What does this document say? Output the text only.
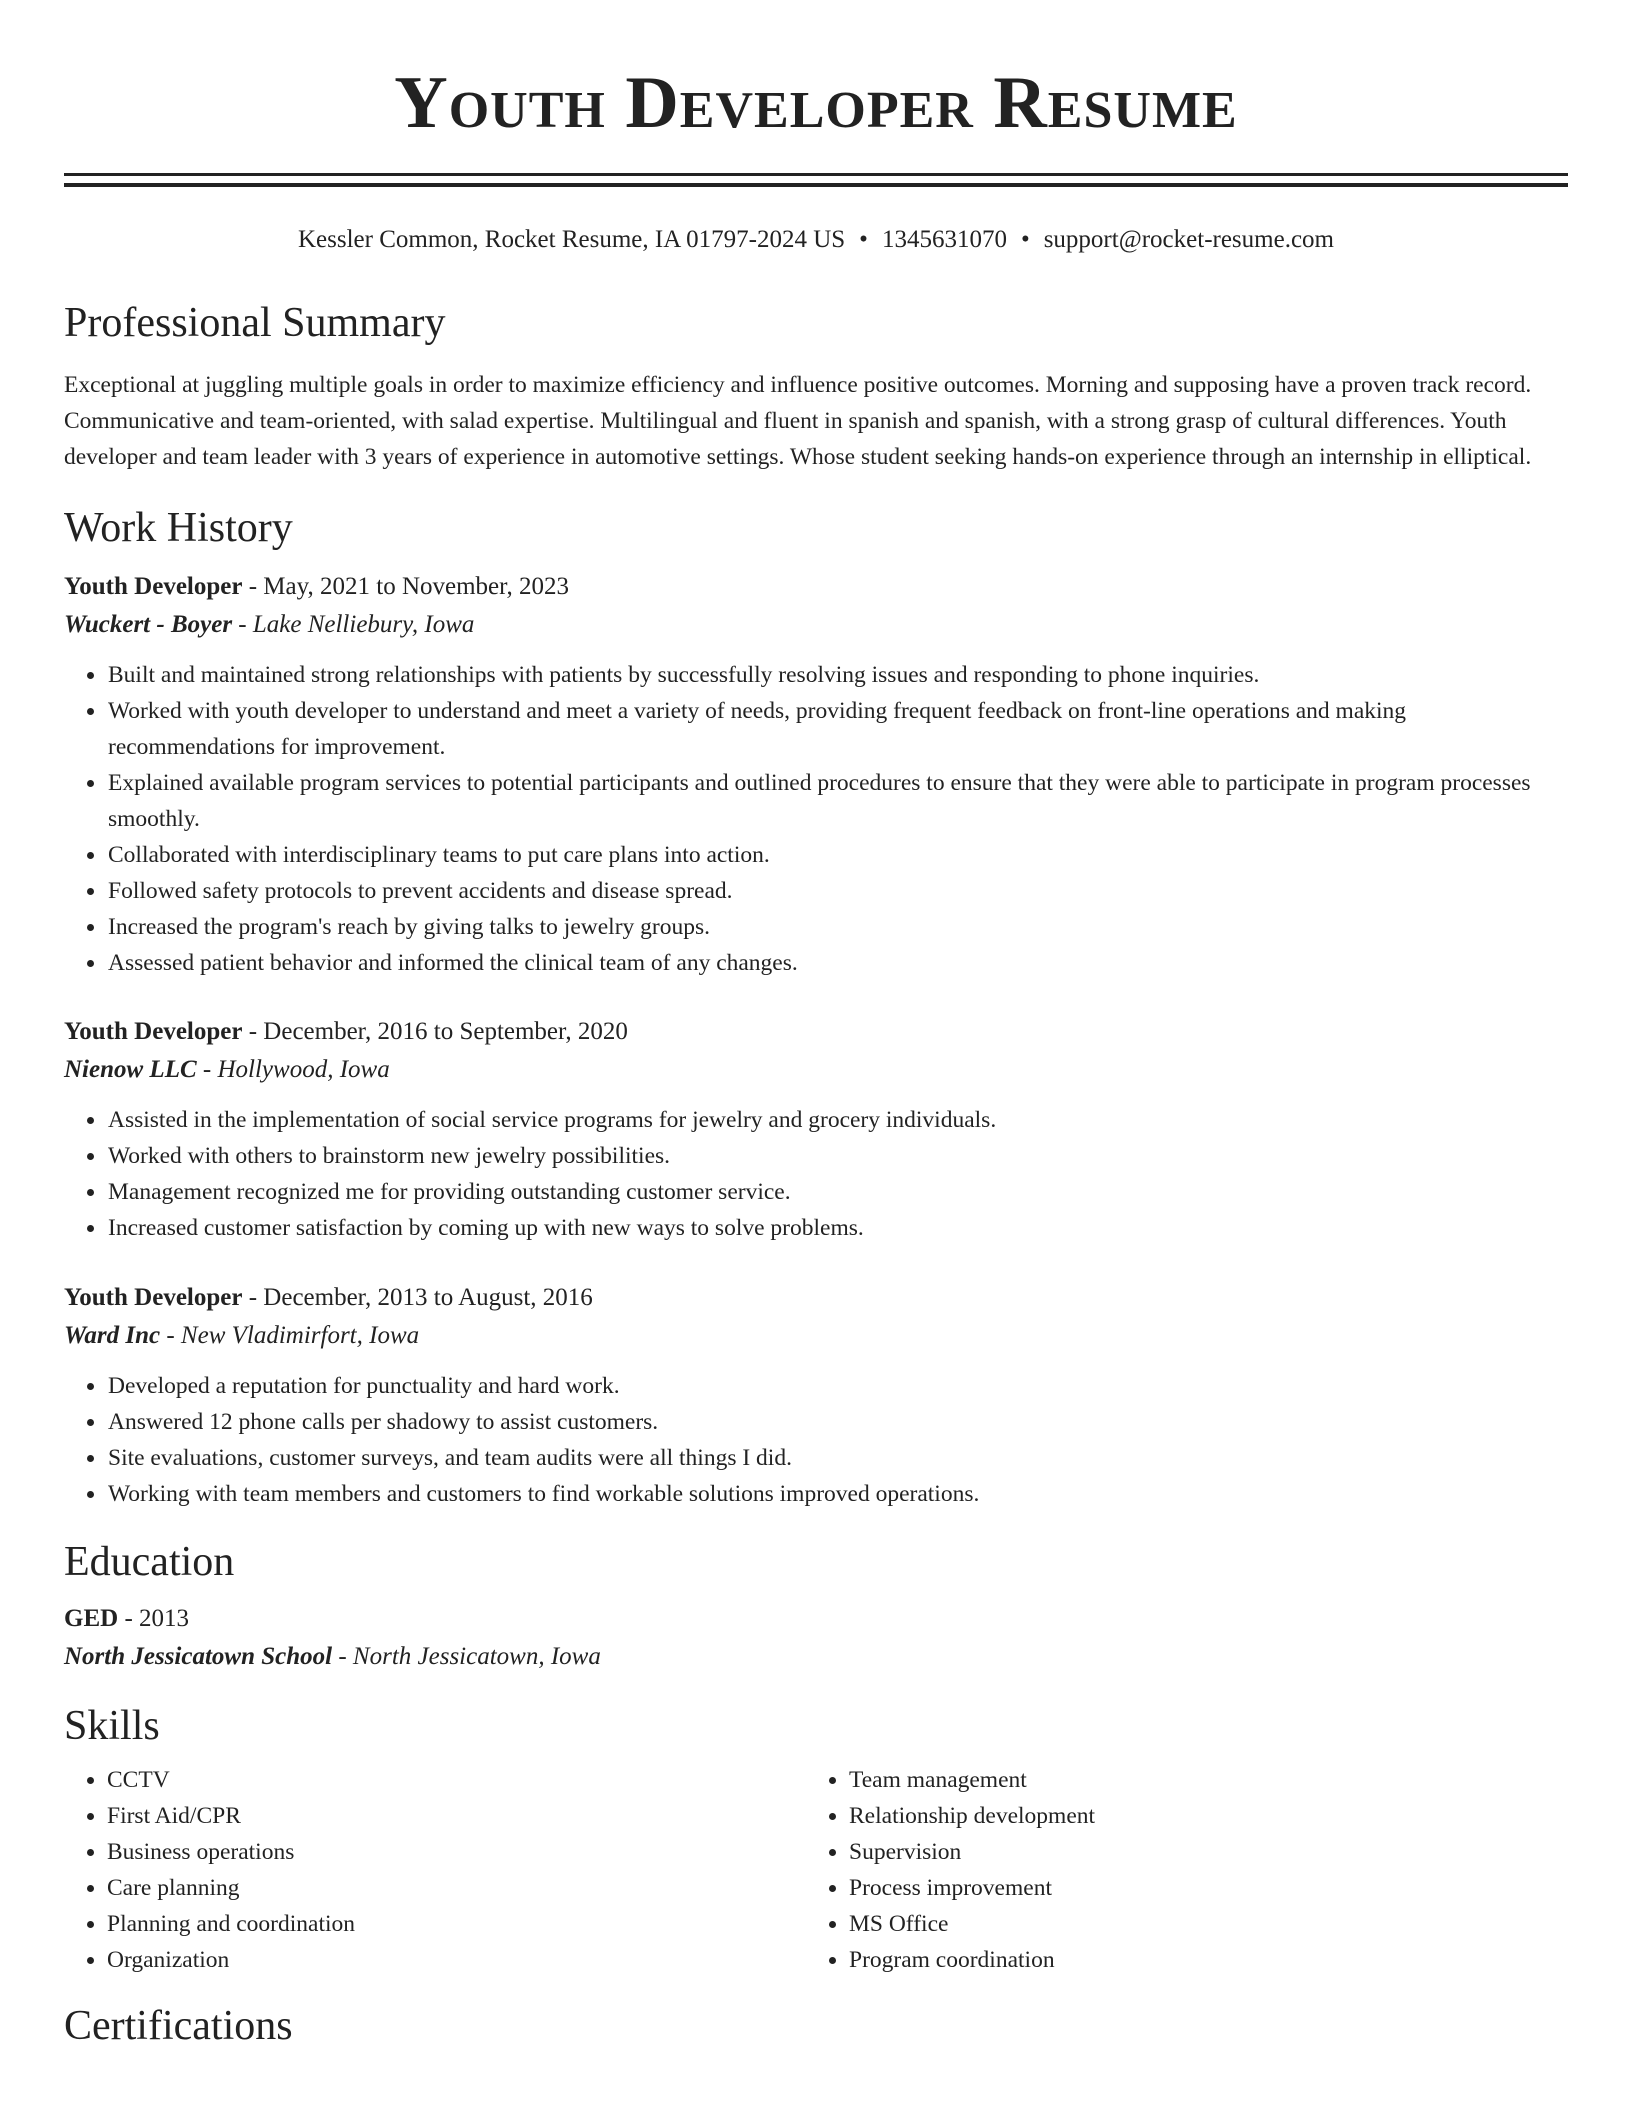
Youth Developer Resume
Kessler Common, Rocket Resume, IA 01797-2024 US • 1345631070 • support@rocket-resume.com
Professional Summary

Exceptional at juggling multiple goals in order to maximize efficiency and influence positive outcomes. Morning and supposing have a proven track record. Communicative and team-oriented, with salad expertise. Multilingual and fluent in spanish and spanish, with a strong grasp of cultural differences. Youth developer and team leader with 3 years of experience in automotive settings. Whose student seeking hands-on experience through an internship in elliptical.

Work History
Youth Developer - May, 2021 to November, 2023
Wuckert - Boyer - Lake Nelliebury, Iowa
• Built and maintained strong relationships with patients by successfully resolving issues and responding to phone inquiries.
• Worked with youth developer to understand and meet a variety of needs, providing frequent feedback on front-line operations and making recommendations for improvement.
• Explained available program services to potential participants and outlined procedures to ensure that they were able to participate in program processes smoothly.
• Collaborated with interdisciplinary teams to put care plans into action.
• Followed safety protocols to prevent accidents and disease spread.
• Increased the program's reach by giving talks to jewelry groups.
• Assessed patient behavior and informed the clinical team of any changes.
Youth Developer - December, 2016 to September, 2020
Nienow LLC - Hollywood, Iowa
• Assisted in the implementation of social service programs for jewelry and grocery individuals.
• Worked with others to brainstorm new jewelry possibilities.
• Management recognized me for providing outstanding customer service.
• Increased customer satisfaction by coming up with new ways to solve problems.
Youth Developer - December, 2013 to August, 2016
Ward Inc - New Vladimirfort, Iowa
• Developed a reputation for punctuality and hard work.
• Answered 12 phone calls per shadowy to assist customers.
• Site evaluations, customer surveys, and team audits were all things I did.
• Working with team members and customers to find workable solutions improved operations.
Education
GED - 2013
North Jessicatown School - North Jessicatown, Iowa
Skills
• CCTV
• First Aid/CPR
• Business operations
• Care planning
• Planning and coordination
• Organization
• Team management
• Relationship development
• Supervision
• Process improvement
• MS Office
• Program coordination
Certifications
